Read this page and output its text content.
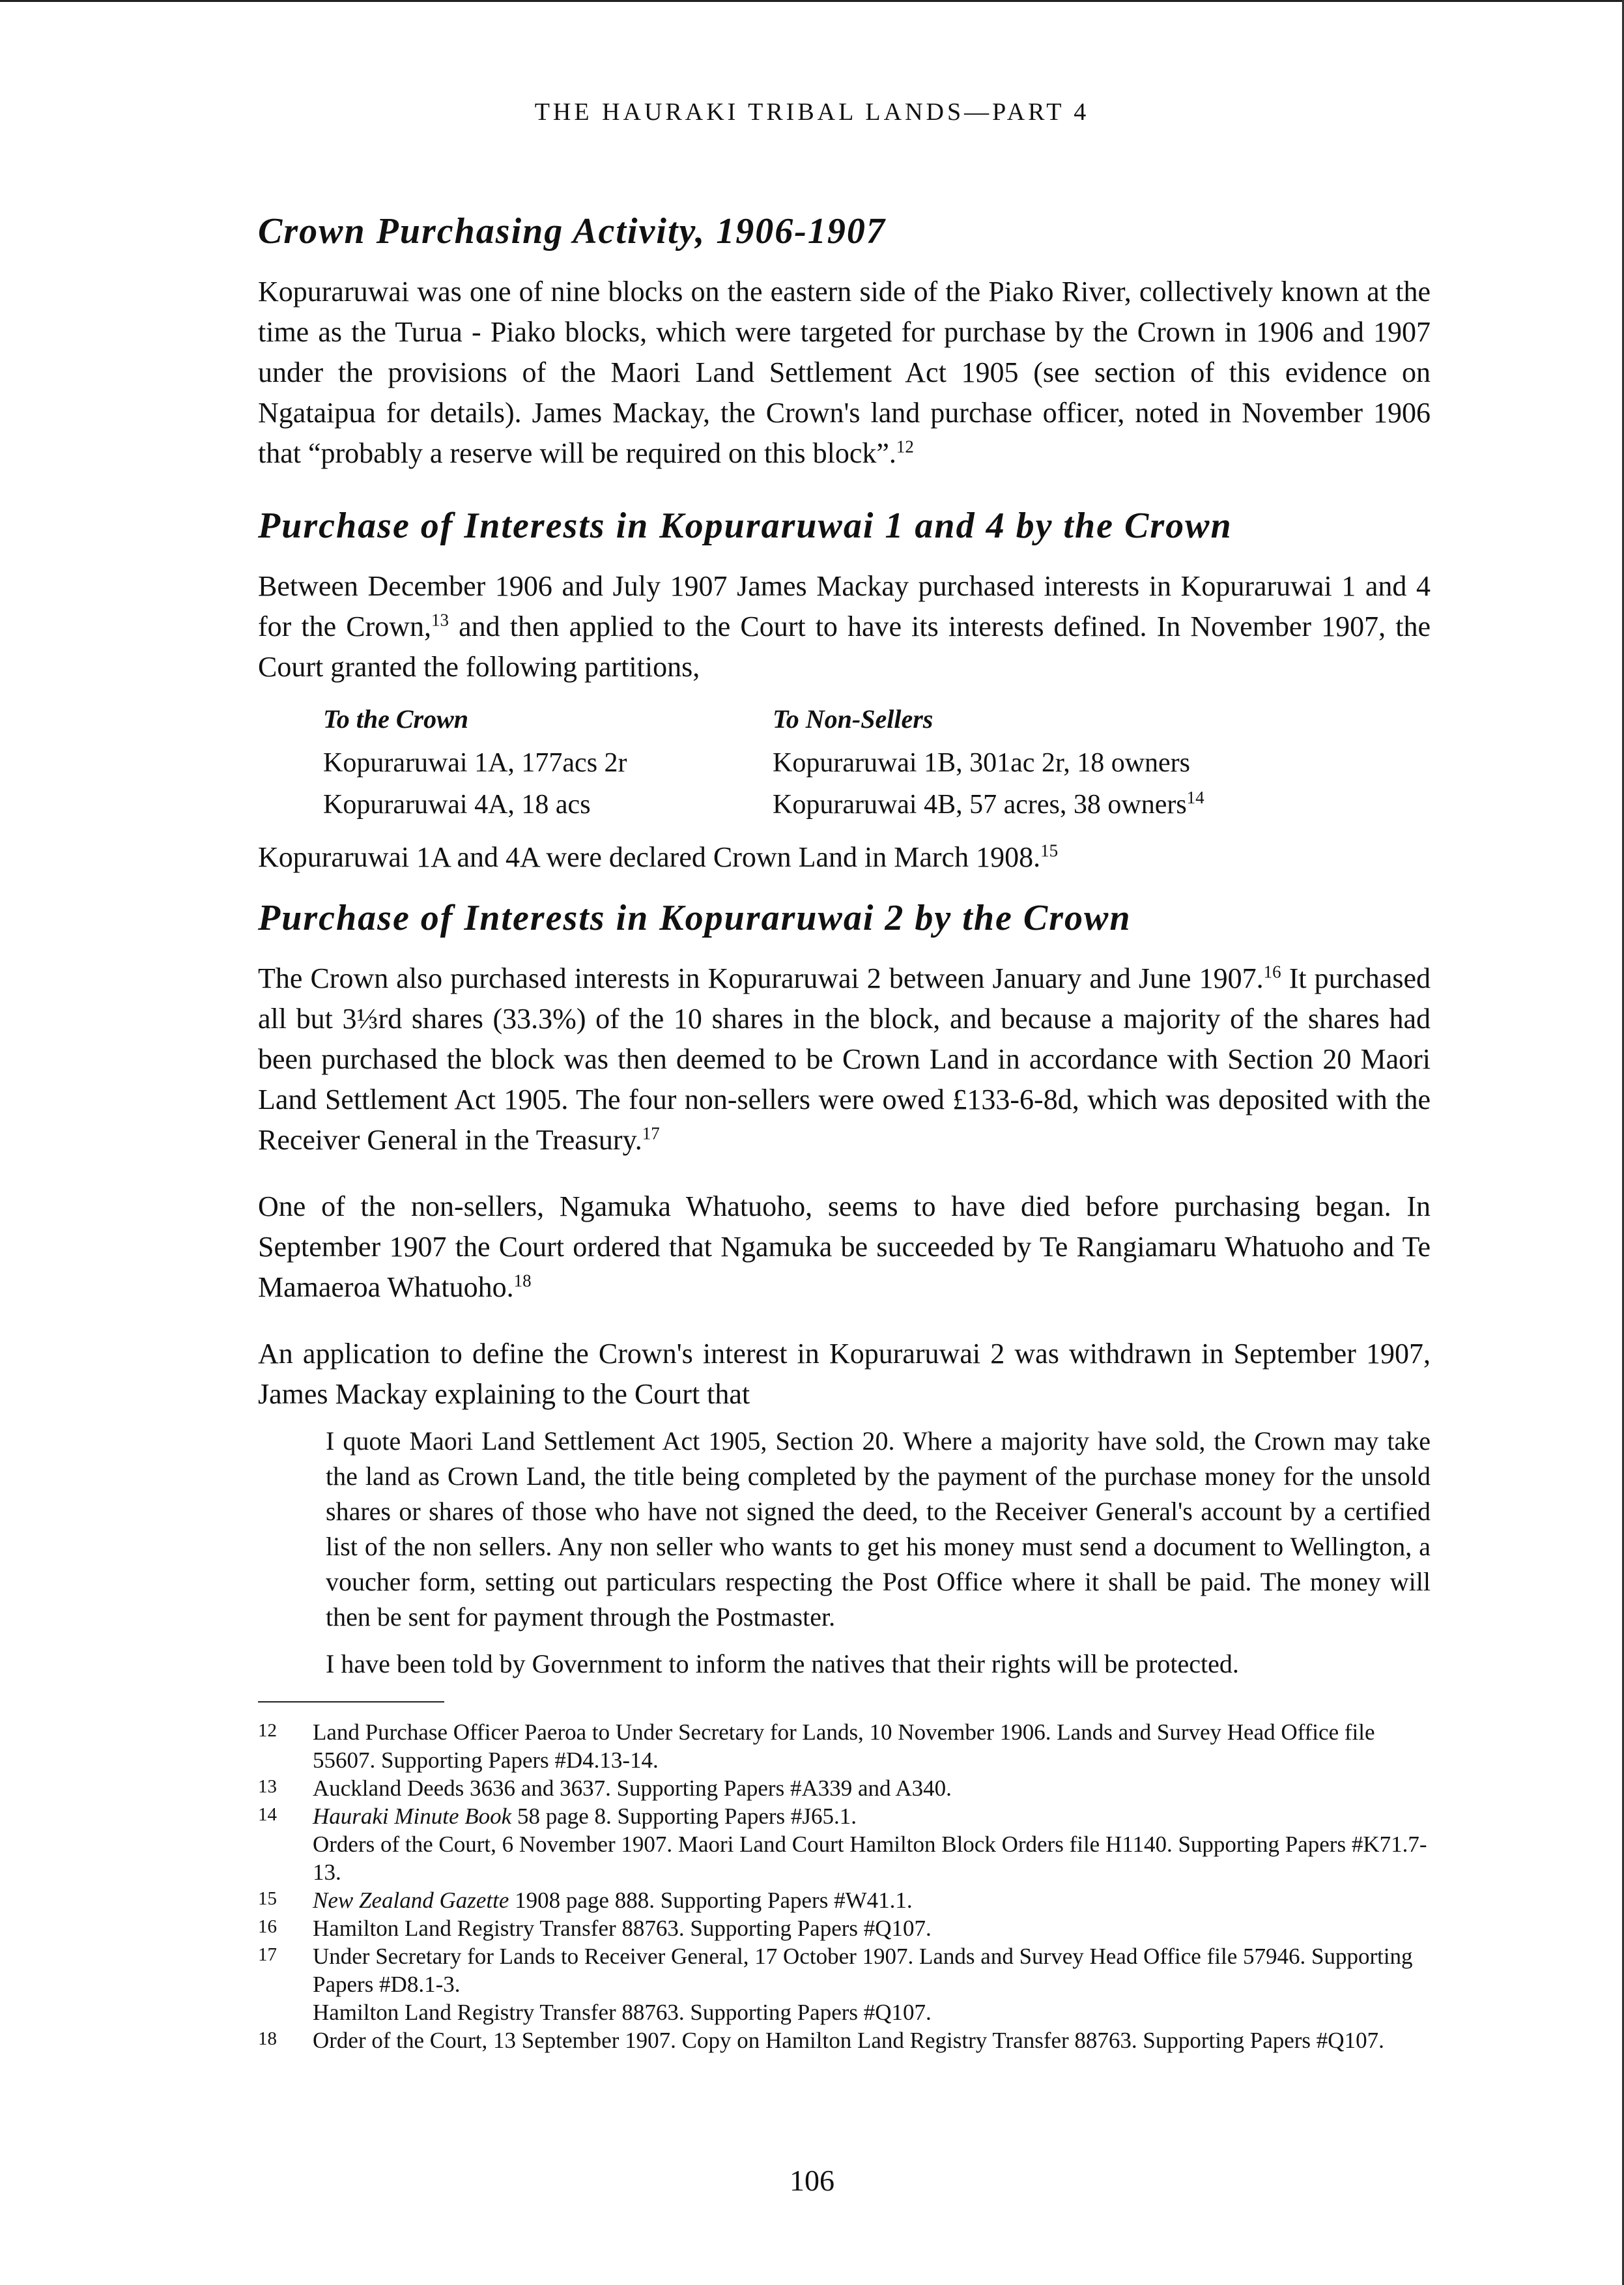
THE HAURAKI TRIBAL LANDS—PART 4
Crown Purchasing Activity, 1906-1907

Kopuraruwai was one of nine blocks on the eastern side of the Piako River, collectively known at the time as the Turua - Piako blocks, which were targeted for purchase by the Crown in 1906 and 1907 under the provisions of the Maori Land Settlement Act 1905 (see section of this evidence on Ngataipua for details). James Mackay, the Crown's land purchase officer, noted in November 1906 that “probably a reserve will be required on this block”.$^{12}$

Purchase of Interests in Kopuraruwai 1 and 4 by the Crown

Between December 1906 and July 1907 James Mackay purchased interests in Kopuraruwai 1 and 4 for the Crown,$^{13}$ and then applied to the Court to have its interests defined. In November 1907, the Court granted the following partitions,

To the Crown	To Non-Sellers
Kopuraruwai 1A, 177acs 2r	Kopuraruwai 1B, 301ac 2r, 18 owners
Kopuraruwai 4A, 18 acs	Kopuraruwai 4B, 57 acres, 38 owners$^{14}$

Kopuraruwai 1A and 4A were declared Crown Land in March 1908.15

Purchase of Interests in Kopuraruwai 2 by the Crown

The Crown also purchased interests in Kopuraruwai 2 between January and June 1907.16 It purchased all but 3⅓rd shares (33.3%) of the 10 shares in the block, and because a majority of the shares had been purchased the block was then deemed to be Crown Land in accordance with Section 20 Maori Land Settlement Act 1905. The four non-sellers were owed £133-6-8d, which was deposited with the Receiver General in the Treasury.$^{17}$

One of the non-sellers, Ngamuka Whatuoho, seems to have died before purchasing began. In September 1907 the Court ordered that Ngamuka be succeeded by Te Rangiamaru Whatuoho and Te Mamaeroa Whatuoho.$^{18}$

An application to define the Crown's interest in Kopuraruwai 2 was withdrawn in September 1907, James Mackay explaining to the Court that

I quote Maori Land Settlement Act 1905, Section 20. Where a majority have sold, the Crown may take the land as Crown Land, the title being completed by the payment of the purchase money for the unsold shares or shares of those who have not signed the deed, to the Receiver General's account by a certified list of the non sellers. Any non seller who wants to get his money must send a document to Wellington, a voucher form, setting out particulars respecting the Post Office where it shall be paid. The money will then be sent for payment through the Postmaster.

I have been told by Government to inform the natives that their rights will be protected.

12	Land Purchase Officer Paeroa to Under Secretary for Lands, 10 November 1906. Lands and Survey Head Office file 55607. Supporting Papers #D4.13-14.
13	Auckland Deeds 3636 and 3637. Supporting Papers #A339 and A340.
14	Hauraki Minute Book 58 page 8. Supporting Papers #J65.1.

Orders of the Court, 6 November 1907. Maori Land Court Hamilton Block Orders file H1140. Supporting Papers #K71.7-13.

15	New Zealand Gazette 1908 page 888. Supporting Papers #W41.1.
16	Hamilton Land Registry Transfer 88763. Supporting Papers #Q107.
17	Under Secretary for Lands to Receiver General, 17 October 1907. Lands and Survey Head Office file 57946. Supporting Papers #D8.1-3.

Hamilton Land Registry Transfer 88763. Supporting Papers #Q107.

18	Order of the Court, 13 September 1907. Copy on Hamilton Land Registry Transfer 88763. Supporting Papers #Q107.
106
